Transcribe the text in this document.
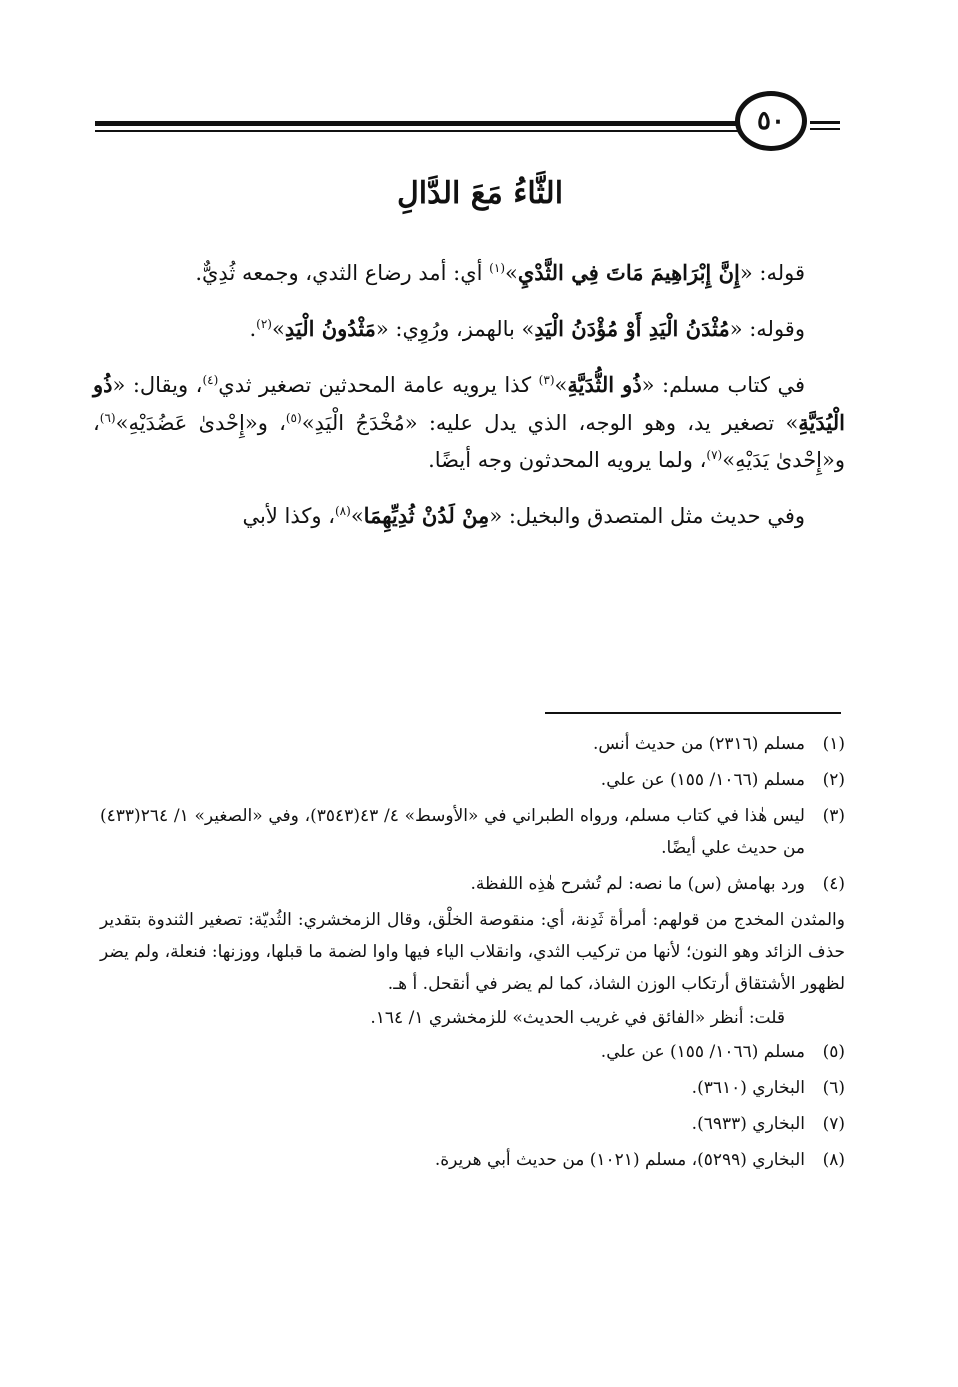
٥٠
الثَّاءُ مَعَ الدَّالِ

قوله: «إِنَّ إِبْرَاهِيمَ مَاتَ فِي الثَّدْيِ»$^{(١)}$ أي: أمد رضاع الثدي، وجمعه ثُدِيٌّ.

وقوله: «مُثْدَنُ الْيَدِ أَوْ مُؤْدَنُ الْيَدِ» بالهمز، ورُوِي: «مَثْدُونُ الْيَدِ»$^{(٢)}$.

في كتاب مسلم: «ذُو الثُّدَيَّةِ»$^{(٣)}$ كذا يرويه عامة المحدثين تصغير ثدي$^{(٤)}$، ويقال: «ذُو الْيُدَيَّةِ» تصغير يد، وهو الوجه، الذي يدل عليه: «مُخْدَجُ الْيَدِ»$^{(٥)}$، و«إِحْدىٰ عَضُدَيْهِ»$^{(٦)}$، و«إِحْدىٰ يَدَيْهِ»$^{(٧)}$، ولما يرويه المحدثون وجه أيضًا.

وفي حديث مثل المتصدق والبخيل: «مِنْ لَدُنْ ثُدِيِّهِمَا»$^{(٨)}$، وكذا لأبي

(١)
مسلم (٢٣١٦) من حديث أنس.
(٢)
مسلم (١٠٦٦/ ١٥٥) عن علي.
(٣)
ليس هٰذا في كتاب مسلم، ورواه الطبراني في «الأوسط» ٤/ ٤٣(٣٥٤٣)، وفي «الصغير» ١/ ٢٦٤(٤٣٣) من حديث علي أيضًا.
(٤)
ورد بهامش (س) ما نصه: لم تُشرح هٰذِه اللفظة.
والمثدن المخدج من قولهم: أمرأة ثَدِنة، أي: منقوصة الخلْق، وقال الزمخشري: الثُديّة: تصغير الثندوة بتقدير حذف الزائد وهو النون؛ لأنها من تركيب الثدي، وانقلاب الياء فيها واوا لضمة ما قبلها، ووزنها: فنعلة، ولم يضر لظهور الأشتقاق أرتكاب الوزن الشاذ، كما لم يضر في أنقحل. أ هـ.
قلت: أنظر «الفائق في غريب الحديث» للزمخشري ١/ ١٦٤.
(٥)
مسلم (١٠٦٦/ ١٥٥) عن علي.
(٦)
البخاري (٣٦١٠).
(٧)
البخاري (٦٩٣٣).
(٨)
البخاري (٥٢٩٩)، مسلم (١٠٢١) من حديث أبي هريرة.
